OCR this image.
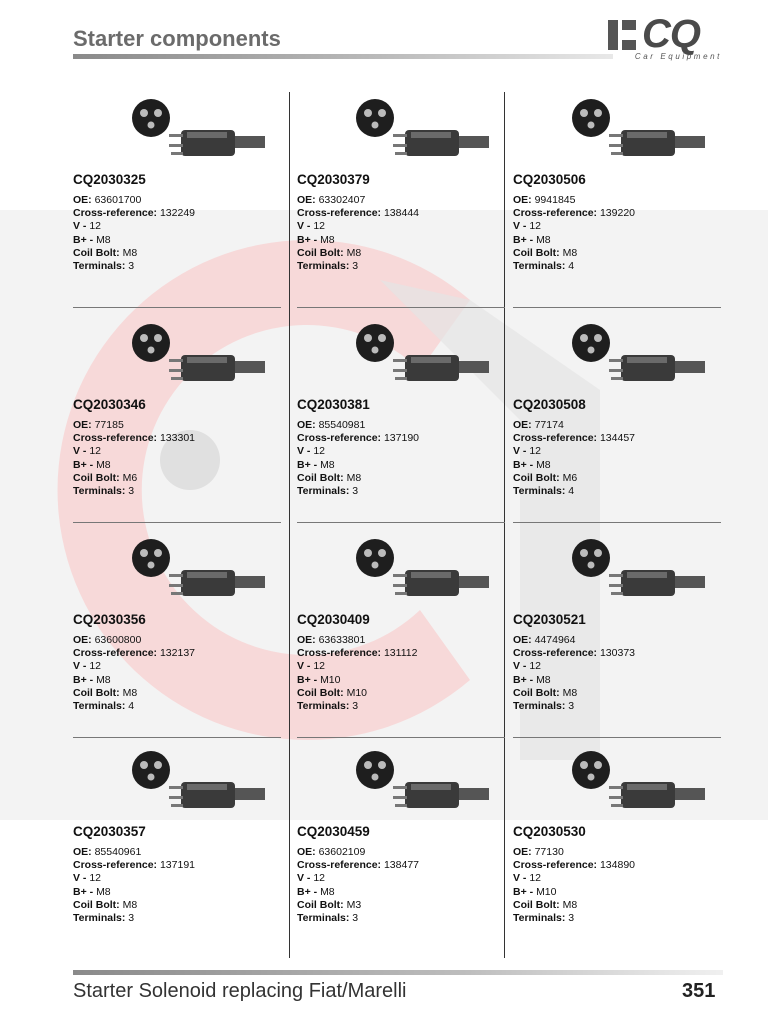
Starter components	CQ
Car Equipment
CQ2030325
OE: 63601700
Cross-reference: 132249
V - 12
B+ - M8
Coil Bolt: M8
Terminals: 3
CQ2030379
OE: 63302407
Cross-reference: 138444
V - 12
B+ - M8
Coil Bolt: M8
Terminals: 3
CQ2030506
OE: 9941845
Cross-reference: 139220
V - 12
B+ - M8
Coil Bolt: M8
Terminals: 4
CQ2030346
OE: 77185
Cross-reference: 133301
V - 12
B+ - M8
Coil Bolt: M6
Terminals: 3
CQ2030381
OE: 85540981
Cross-reference: 137190
V - 12
B+ - M8
Coil Bolt: M8
Terminals: 3
CQ2030508
OE: 77174
Cross-reference: 134457
V - 12
B+ - M8
Coil Bolt: M6
Terminals: 4
CQ2030356
OE: 63600800
Cross-reference: 132137
V - 12
B+ - M8
Coil Bolt: M8
Terminals: 4
CQ2030409
OE: 63633801
Cross-reference: 131112
V - 12
B+ - M10
Coil Bolt: M10
Terminals: 3
CQ2030521
OE: 4474964
Cross-reference: 130373
V - 12
B+ - M8
Coil Bolt: M8
Terminals: 3
CQ2030357
OE: 85540961
Cross-reference: 137191
V - 12
B+ - M8
Coil Bolt: M8
Terminals: 3
CQ2030459
OE: 63602109
Cross-reference: 138477
V - 12
B+ - M8
Coil Bolt: M3
Terminals: 3
CQ2030530
OE: 77130
Cross-reference: 134890
V - 12
B+ - M10
Coil Bolt: M8
Terminals: 3
Starter Solenoid replacing Fiat/Marelli	351
